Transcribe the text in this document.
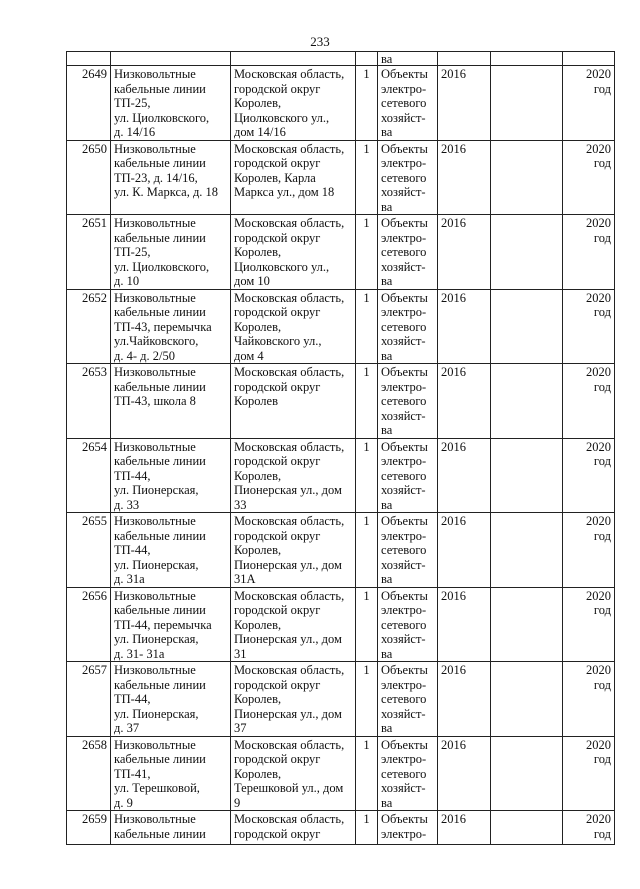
233
				ва			
2649	Низковольтные
кабельные линии
ТП-25,
ул. Циолковского,
д. 14/16	Московская область,
городской округ
Королев,
Циолковского ул.,
дом 14/16	1	Объекты
электро-
сетевого
хозяйст-
ва	2016		2020
год
2650	Низковольтные
кабельные линии
ТП-23, д. 14/16,
ул. К. Маркса, д. 18	Московская область,
городской округ
Королев, Карла
Маркса ул., дом 18	1	Объекты
электро-
сетевого
хозяйст-
ва	2016		2020
год
2651	Низковольтные
кабельные линии
ТП-25,
ул. Циолковского,
д. 10	Московская область,
городской округ
Королев,
Циолковского ул.,
дом 10	1	Объекты
электро-
сетевого
хозяйст-
ва	2016		2020
год
2652	Низковольтные
кабельные линии
ТП-43, перемычка
ул.Чайковского,
д. 4- д. 2/50	Московская область,
городской округ
Королев,
Чайковского ул.,
дом 4	1	Объекты
электро-
сетевого
хозяйст-
ва	2016		2020
год
2653	Низковольтные
кабельные линии
ТП-43, школа 8	Московская область,
городской округ
Королев	1	Объекты
электро-
сетевого
хозяйст-
ва	2016		2020
год
2654	Низковольтные
кабельные линии
ТП-44,
ул. Пионерская,
д. 33	Московская область,
городской округ
Королев,
Пионерская ул., дом
33	1	Объекты
электро-
сетевого
хозяйст-
ва	2016		2020
год
2655	Низковольтные
кабельные линии
ТП-44,
ул. Пионерская,
д. 31а	Московская область,
городской округ
Королев,
Пионерская ул., дом
31А	1	Объекты
электро-
сетевого
хозяйст-
ва	2016		2020
год
2656	Низковольтные
кабельные линии
ТП-44, перемычка
ул. Пионерская,
д. 31- 31а	Московская область,
городской округ
Королев,
Пионерская ул., дом
31	1	Объекты
электро-
сетевого
хозяйст-
ва	2016		2020
год
2657	Низковольтные
кабельные линии
ТП-44,
ул. Пионерская,
д. 37	Московская область,
городской округ
Королев,
Пионерская ул., дом
37	1	Объекты
электро-
сетевого
хозяйст-
ва	2016		2020
год
2658	Низковольтные
кабельные линии
ТП-41,
ул. Терешковой,
д. 9	Московская область,
городской округ
Королев,
Терешковой ул., дом
9	1	Объекты
электро-
сетевого
хозяйст-
ва	2016		2020
год
2659	Низковольтные
кабельные линии	Московская область,
городской округ	1	Объекты
электро-	2016		2020
год
